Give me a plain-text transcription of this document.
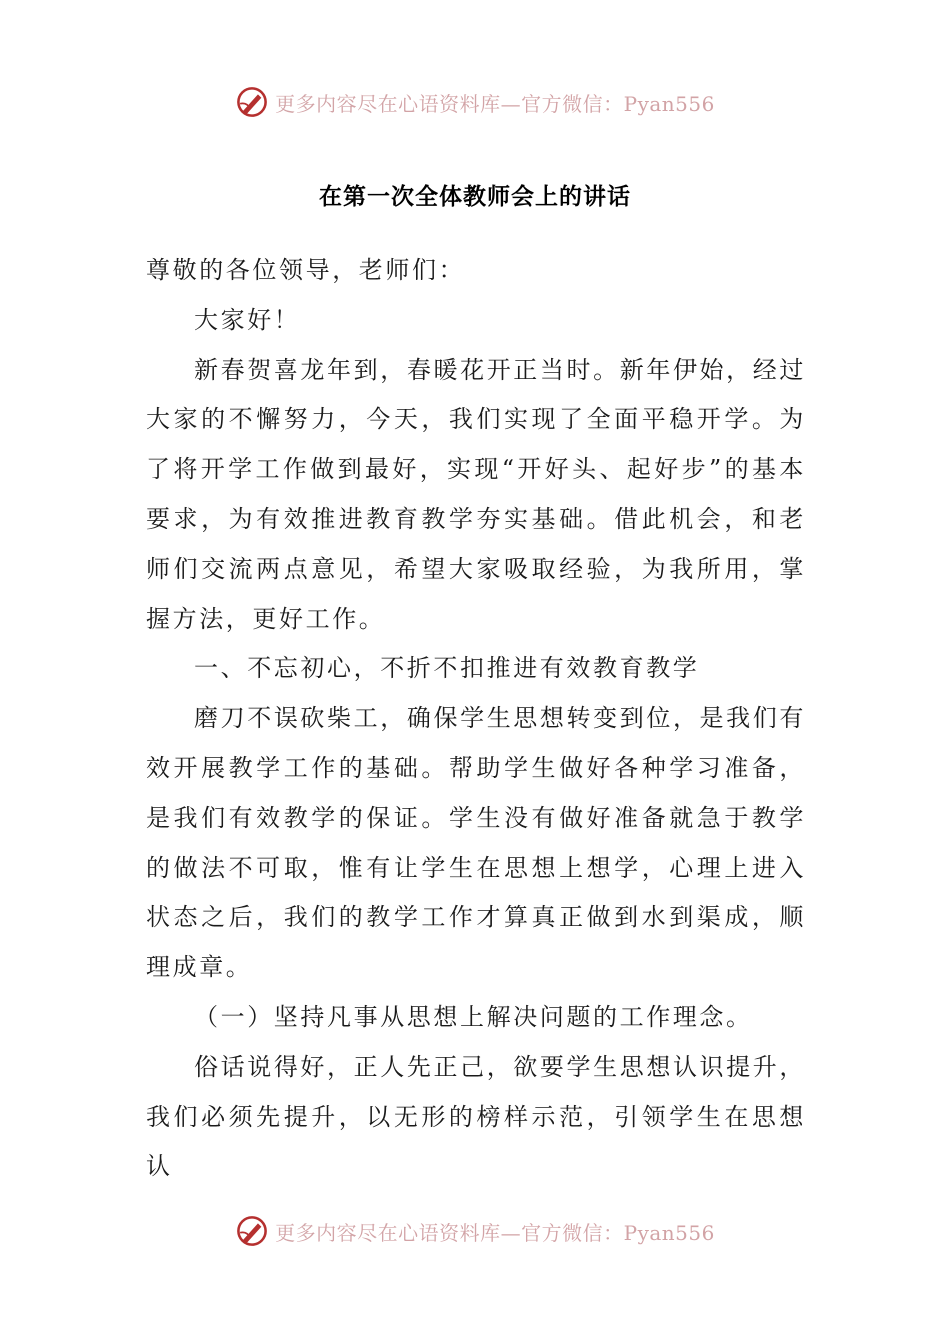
更多内容尽在心语资料库—官方微信：Pyan556
在第一次全体教师会上的讲话

尊敬的各位领导，老师们：

大家好！

新春贺喜龙年到，春暖花开正当时。新年伊始，经过大家的不懈努力，今天，我们实现了全面平稳开学。为了将开学工作做到最好，实现“开好头、起好步”的基本要求，为有效推进教育教学夯实基础。借此机会，和老师们交流两点意见，希望大家吸取经验，为我所用，掌握方法，更好工作。

一、不忘初心，不折不扣推进有效教育教学

磨刀不误砍柴工，确保学生思想转变到位，是我们有效开展教学工作的基础。帮助学生做好各种学习准备，是我们有效教学的保证。学生没有做好准备就急于教学的做法不可取，惟有让学生在思想上想学，心理上进入状态之后，我们的教学工作才算真正做到水到渠成，顺理成章。

（一）坚持凡事从思想上解决问题的工作理念。

俗话说得好，正人先正己，欲要学生思想认识提升，我们必须先提升，以无形的榜样示范，引领学生在思想认

更多内容尽在心语资料库—官方微信：Pyan556
